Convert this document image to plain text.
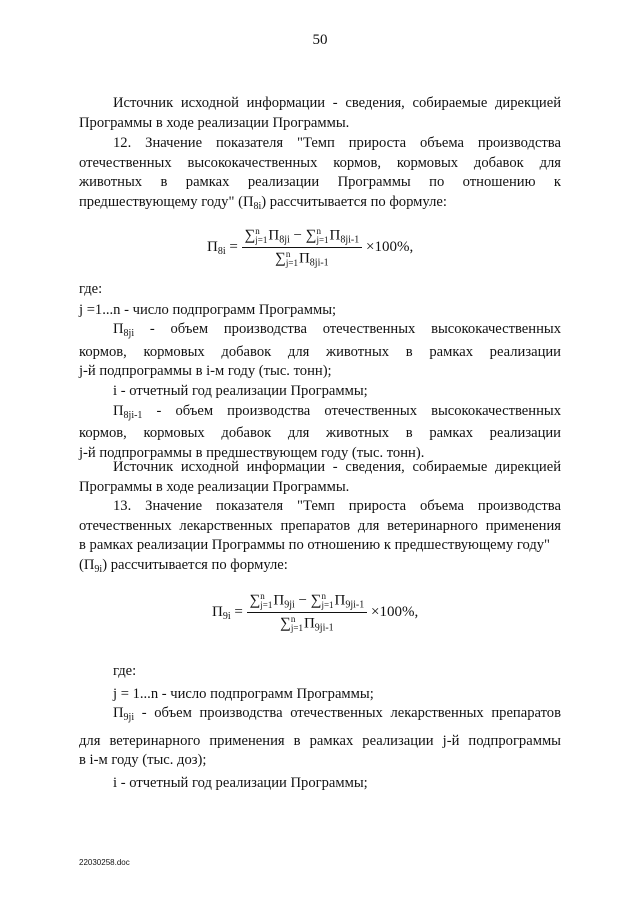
50
Источник исходной информации - сведения, собираемые дирекцией
Программы в ходе реализации Программы.
12. Значение показателя "Темп прироста объема производства
отечественных высококачественных кормов, кормовых добавок для
животных в рамках реализации Программы по отношению к
предшествующему году" $(П_{8i})$ рассчитывается по формуле:
$П_{8i}$ = ∑ n
j=1 $П_{8ji}$ − ∑ n
j=1 $П_{8ji-1}$
∑ n
j=1 $П_{8ji-1} \times 100\%$,
где:
j =1...n - число подпрограмм Программы;
$П_{8ji}$ - объем производства отечественных высококачественных
кормов, кормовых добавок для животных в рамках реализации
j-й подпрограммы в i-м году (тыс. тонн);
i - отчетный год реализации Программы;
$П_{8ji-1}$ - объем производства отечественных высококачественных
кормов, кормовых добавок для животных в рамках реализации
j-й подпрограммы в предшествующем году (тыс. тонн).
Источник исходной информации - сведения, собираемые дирекцией
Программы в ходе реализации Программы.
13. Значение показателя "Темп прироста объема производства
отечественных лекарственных препаратов для ветеринарного применения
в рамках реализации Программы по отношению к предшествующему году"
$(П_{9i})$ рассчитывается по формуле:
$П_{9i}$ = ∑ n
j=1 $П_{9ji}$ − ∑ n
j=1 $П_{9ji-1}$
∑ n
j=1 $П_{9ji-1} \times 100\%$,
где:
j = 1...n - число подпрограмм Программы;
$П_{9ji}$ - объем производства отечественных лекарственных препаратов
для ветеринарного применения в рамках реализации j-й подпрограммы
в i-м году (тыс. доз);
i - отчетный год реализации Программы;
22030258.doc
